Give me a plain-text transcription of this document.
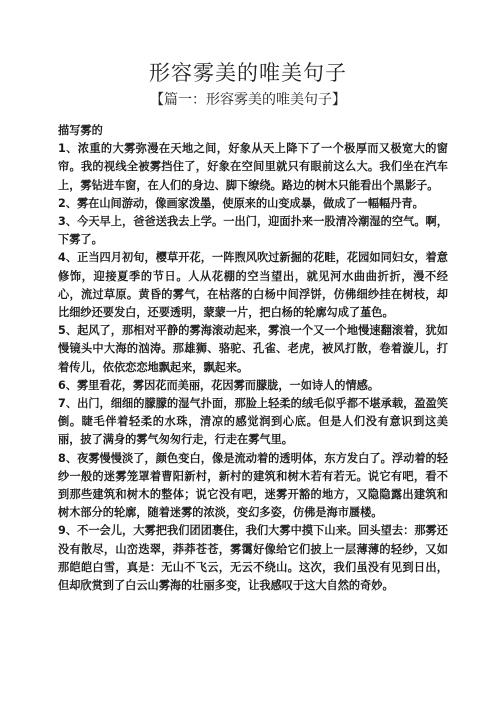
形容雾美的唯美句子
【篇一：形容雾美的唯美句子】

描写雾的

1、浓重的大雾弥漫在天地之间，好象从天上降下了一个极厚而又极宽大的窗帘。我的视线全被雾挡住了，好象在空间里就只有眼前这么大。我们坐在汽车上，雾钻进车窗，在人们的身边、脚下缭绕。路边的树木只能看出个黑影子。

2、雾在山间游动，像画家泼墨，使原来的山变成暴，做成了一幅幅丹青。

3、今天早上，爸爸送我去上学。一出门，迎面扑来一股清冷潮湿的空气。啊，下雾了。

4、正当四月初旬，樱草开花，一阵煦风吹过新掘的花畦，花园如同妇女，着意修饰，迎接夏季的节日。人从花棚的空当望出，就见河水曲曲折折，漫不经心，流过草原。黄昏的雾气，在枯落的白杨中间浮饼，仿佛细纱挂在树枝，却比细纱还要发白，还要透明，蒙蒙一片，把白杨的轮廓勾成了堇色。

5、起风了，那相对平静的雾海滚动起来，雾浪一个又一个地慢速翻滚着，犹如慢镜头中大海的汹涛。那雄狮、骆驼、孔雀、老虎，被风打散，卷着漩儿，打着传儿，依依恋恋地飘起来，飘起来。

6、雾里看花，雾因花而美丽，花因雾而朦胧，一如诗人的情感。

7、出门，细细的朦朦的湿气扑面，那脸上轻柔的绒毛似乎都不堪承载，盈盈笑倒。睫毛伴着轻柔的水珠，清凉的感觉润到心底。但是人们没有意识到这美丽，披了满身的雾气匆匆行走，行走在雾气里。

8、夜雾慢慢淡了，颜色变白，像是流动着的透明体，东方发白了。浮动着的轻纱一般的迷雾笼罩着曹阳新村，新村的建筑和树木若有若无。说它有吧，看不到那些建筑和树木的整体；说它没有吧，迷雾开豁的地方，又隐隐露出建筑和树木部分的轮廓，随着迷雾的浓淡，变幻多姿，仿佛是海市蜃楼。

9、不一会儿，大雾把我们团团裹住，我们大雾中摸下山来。回头望去：那雾还没有散尽，山峦迭翠，莽莽苍苍，雾霭好像给它们披上一层薄薄的轻纱，又如那皑皑白雪，真是：无山不飞云，无云不绕山。这次，我们虽没有见到日出，但却欣赏到了白云山雾海的壮丽多变，让我感叹于这大自然的奇妙。
